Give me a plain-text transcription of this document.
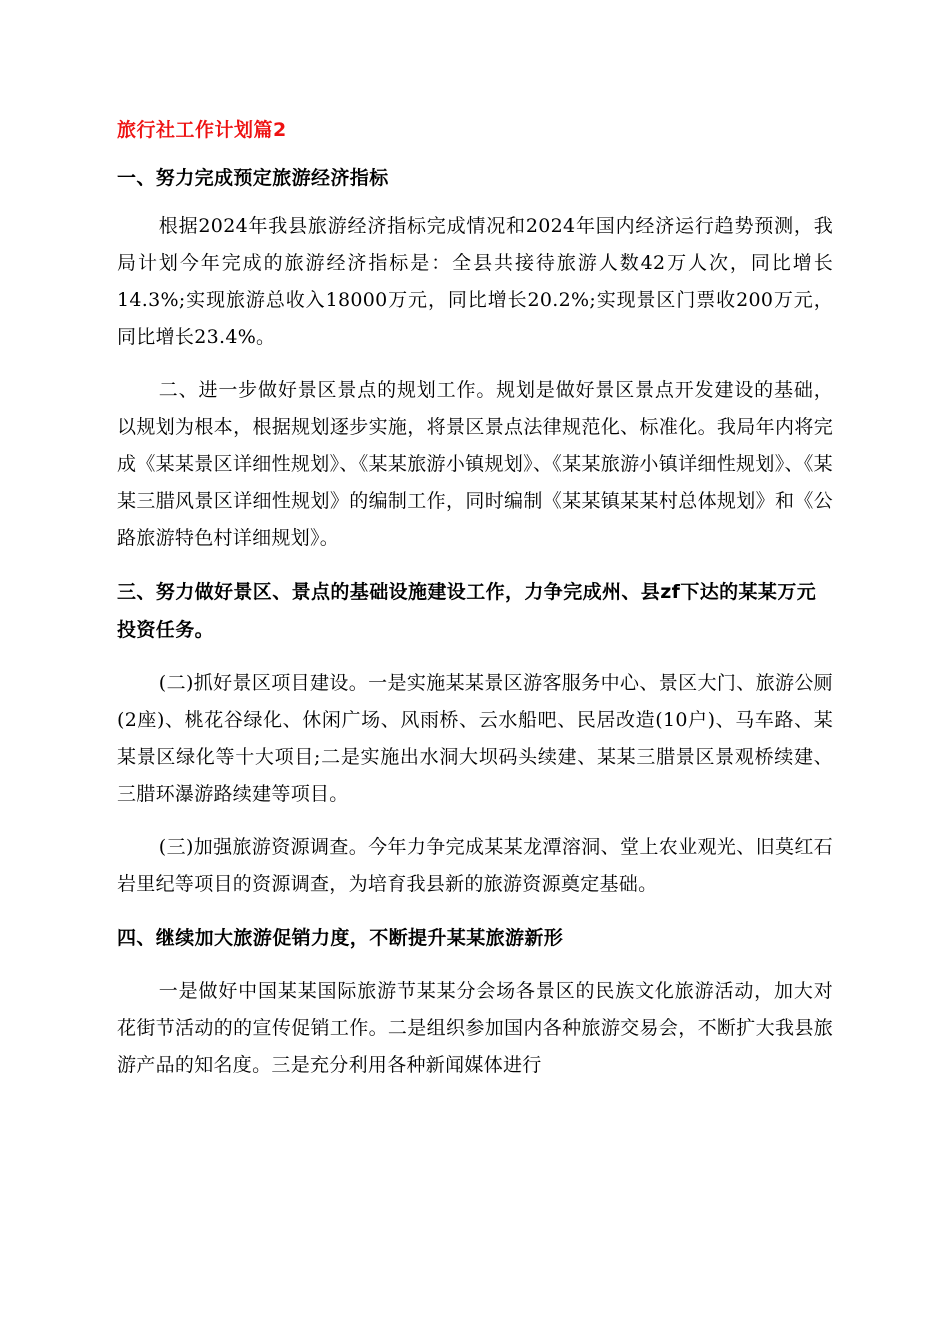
旅行社工作计划篇2
一、努力完成预定旅游经济指标

根据2024年我县旅游经济指标完成情况和2024年国内经济运行趋势预测，我局计划今年完成的旅游经济指标是：全县共接待旅游人数42万人次，同比增长14.3%;实现旅游总收入18000万元，同比增长20.2%;实现景区门票收200万元，同比增长23.4%。

二、进一步做好景区景点的规划工作。规划是做好景区景点开发建设的基础，以规划为根本，根据规划逐步实施，将景区景点法律规范化、标准化。我局年内将完成《某某景区详细性规划》、《某某旅游小镇规划》、《某某旅游小镇详细性规划》、《某某三腊风景区详细性规划》的编制工作，同时编制《某某镇某某村总体规划》和《公路旅游特色村详细规划》。

三、努力做好景区、景点的基础设施建设工作，力争完成州、县zf下达的某某万元投资任务。

(二)抓好景区项目建设。一是实施某某景区游客服务中心、景区大门、旅游公厕(2座)、桃花谷绿化、休闲广场、风雨桥、云水船吧、民居改造(10户)、马车路、某某景区绿化等十大项目;二是实施出水洞大坝码头续建、某某三腊景区景观桥续建、三腊环瀑游路续建等项目。

(三)加强旅游资源调查。今年力争完成某某龙潭溶洞、堂上农业观光、旧莫红石岩里纪等项目的资源调查，为培育我县新的旅游资源奠定基础。

四、继续加大旅游促销力度，不断提升某某旅游新形

一是做好中国某某国际旅游节某某分会场各景区的民族文化旅游活动，加大对花街节活动的的宣传促销工作。二是组织参加国内各种旅游交易会，不断扩大我县旅游产品的知名度。三是充分利用各种新闻媒体进行
